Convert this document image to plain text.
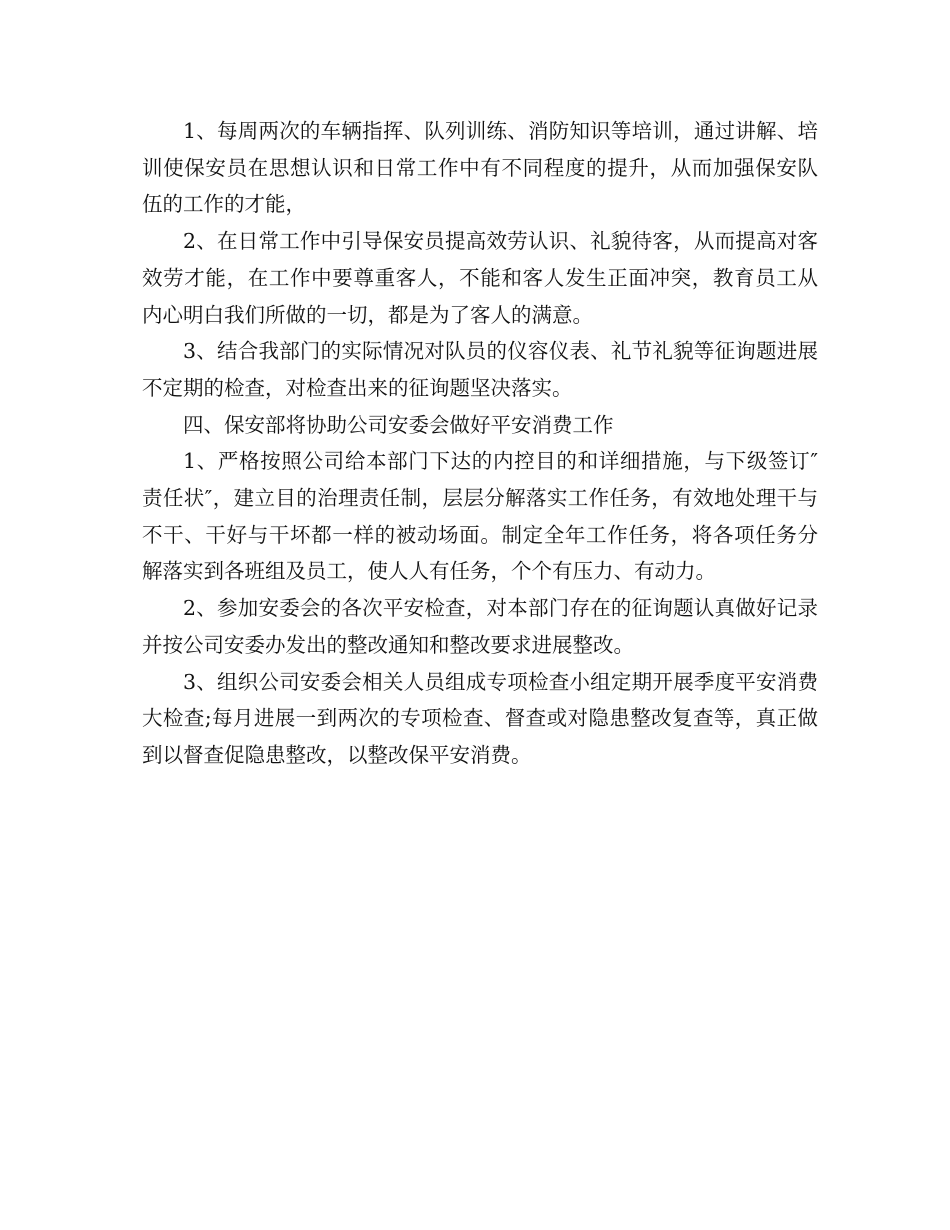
1、每周两次的车辆指挥、队列训练、消防知识等培训，通过讲解、培训使保安员在思想认识和日常工作中有不同程度的提升，从而加强保安队伍的工作的才能，

2、在日常工作中引导保安员提高效劳认识、礼貌待客，从而提高对客效劳才能，在工作中要尊重客人，不能和客人发生正面冲突，教育员工从内心明白我们所做的一切，都是为了客人的满意。

3、结合我部门的实际情况对队员的仪容仪表、礼节礼貌等征询题进展不定期的检查，对检查出来的征询题坚决落实。

四、保安部将协助公司安委会做好平安消费工作

1、严格按照公司给本部门下达的内控目的和详细措施，与下级签订″责任状″，建立目的治理责任制，层层分解落实工作任务，有效地处理干与不干、干好与干坏都一样的被动场面。制定全年工作任务，将各项任务分解落实到各班组及员工，使人人有任务，个个有压力、有动力。

2、参加安委会的各次平安检查，对本部门存在的征询题认真做好记录并按公司安委办发出的整改通知和整改要求进展整改。

3、组织公司安委会相关人员组成专项检查小组定期开展季度平安消费大检查;每月进展一到两次的专项检查、督查或对隐患整改复查等，真正做到以督查促隐患整改，以整改保平安消费。
